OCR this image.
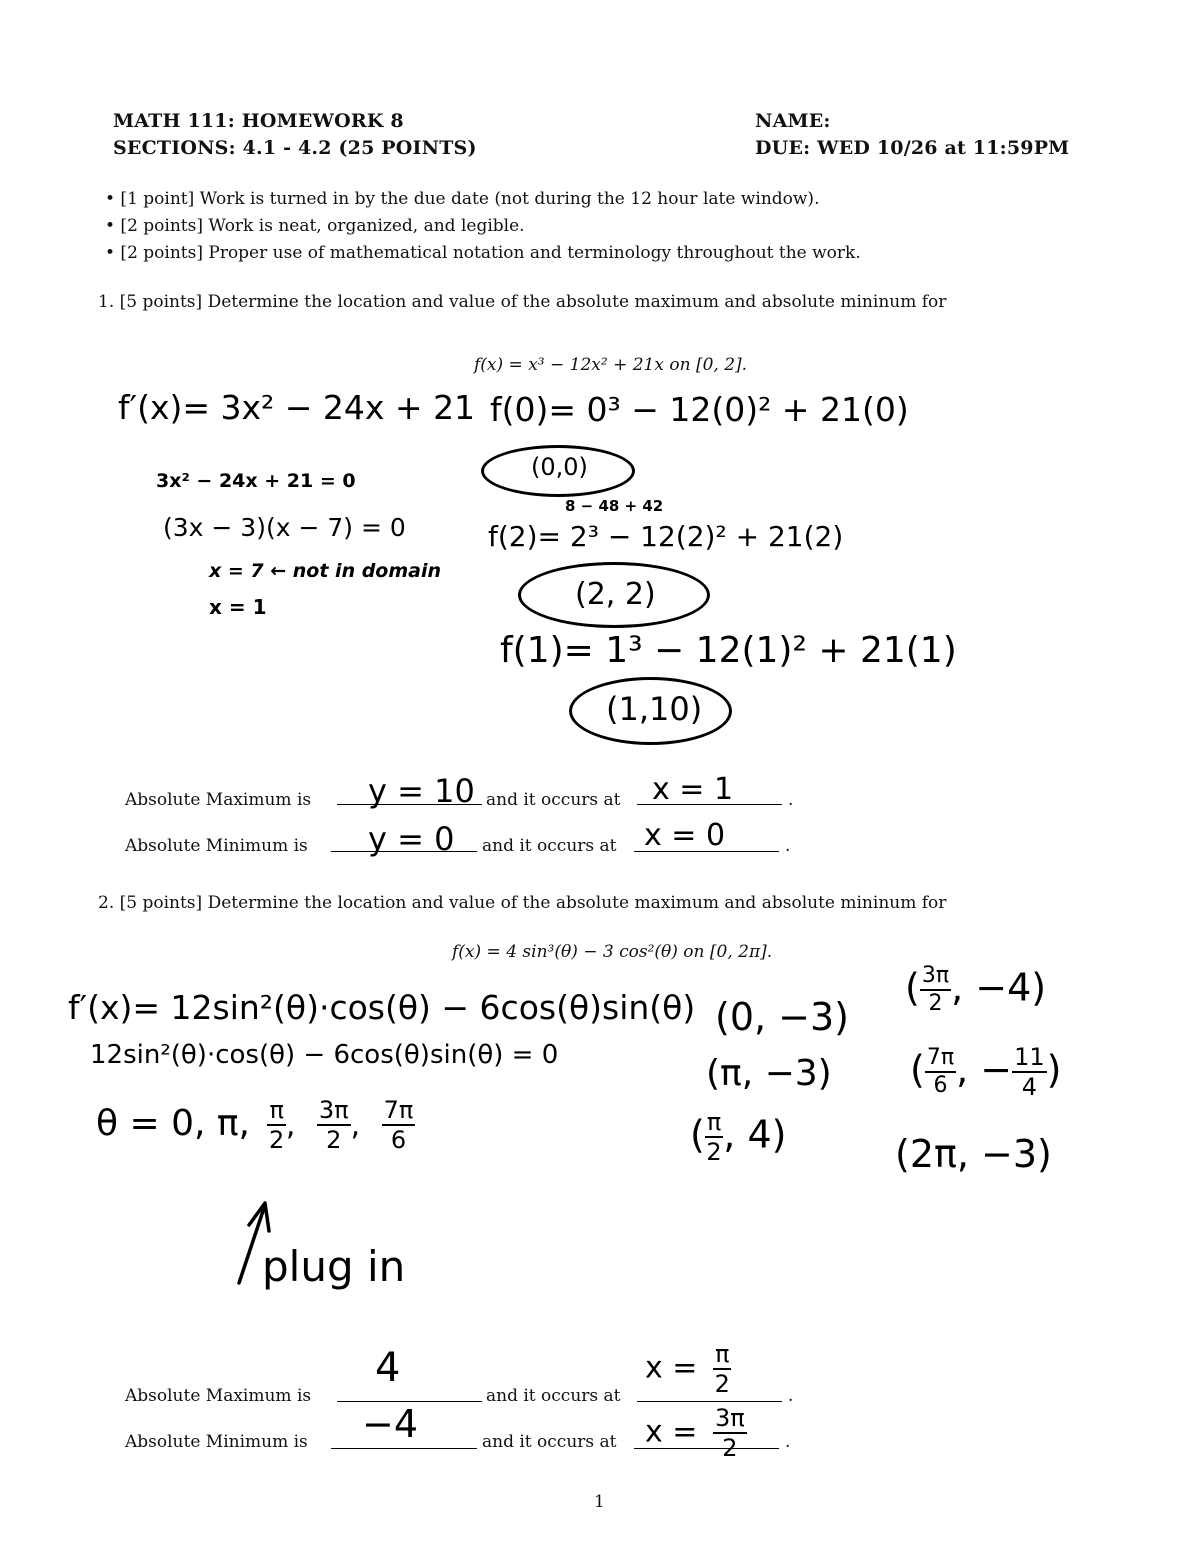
MATH 111: HOMEWORK 8
SECTIONS: 4.1 - 4.2 (25 POINTS)
NAME:
DUE: WED 10/26 at 11:59PM
• [1 point] Work is turned in by the due date (not during the 12 hour late window).
• [2 points] Work is neat, organized, and legible.
• [2 points] Proper use of mathematical notation and terminology throughout the work.
1. [5 points] Determine the location and value of the absolute maximum and absolute mininum for
f(x) = x³ − 12x² + 21x on [0, 2].
f′(x)= 3x² − 24x + 21
3x² − 24x + 21 = 0
(3x − 3)(x − 7) = 0
x = 7 ← not in domain
x = 1
f(0)= 0³ − 12(0)² + 21(0)
(0,0)
8 − 48 + 42
f(2)= 2³ − 12(2)² + 21(2)
(2, 2)
f(1)= 1³ − 12(1)² + 21(1)
(1,10)
Absolute Maximum is y = 10 and it occurs at x = 1	.
Absolute Minimum is y = 0 and it occurs at x = 0	.
2. [5 points] Determine the location and value of the absolute maximum and absolute mininum for
f(x) = 4 sin³(θ) − 3 cos²(θ) on [0, 2π].
f′(x)= 12sin²(θ)·cos(θ) − 6cos(θ)sin(θ)
12sin²(θ)·cos(θ) − 6cos(θ)sin(θ) = 0
θ = 0, π, $\frac{\pi}{2}$ , $\frac{3\pi}{2}$ , $\frac{7\pi}{6}$
(0, −3)
(π, −3)
( $\frac{\pi}{2}$ , 4)
( $\frac{3\pi}{2}$ , −4)
( $\frac{7\pi}{6}$ , − $\frac{11}{4}$ )
(2π, −3)
plug in
Absolute Maximum is
4
and it occurs at
$x = \frac{\pi}{2}$	.
Absolute Minimum is −4	and it occurs at $x = \frac{3\pi}{2}$ .
1
